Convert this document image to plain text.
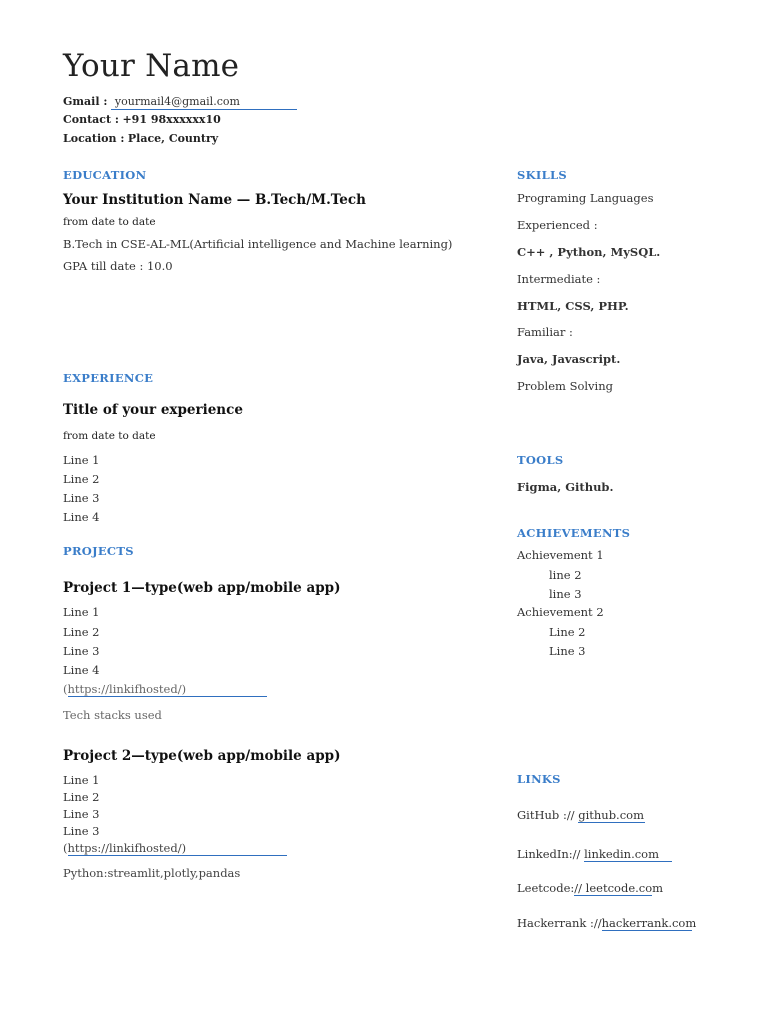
Your Name
Gmail : yourmail4@gmail.com
Contact : +91 98xxxxxx10
Location : Place, Country
EDUCATION
Your Institution Name — B.Tech/M.Tech
from date to date
B.Tech in CSE-AL-ML(Artificial intelligence and Machine learning)
GPA till date : 10.0
EXPERIENCE
Title of your experience
from date to date
Line 1
Line 2
Line 3
Line 4
PROJECTS
Project 1—type(web app/mobile app)
Line 1
Line 2
Line 3
Line 4
(https://linkifhosted/)
Tech stacks used
Project 2—type(web app/mobile app)
Line 1
Line 2
Line 3
Line 3
(https://linkifhosted/)
Python:streamlit,plotly,pandas
SKILLS
Programing Languages
Experienced :
C++ , Python, MySQL.
Intermediate :
HTML, CSS, PHP.
Familiar :
Java, Javascript.
Problem Solving
TOOLS
Figma, Github.
ACHIEVEMENTS
Achievement 1
line 2
line 3
Achievement 2
Line 2
Line 3
LINKS
GitHub :// github.com
LinkedIn:// linkedin.com
Leetcode:// leetcode.com
Hackerrank ://hackerrank.com
